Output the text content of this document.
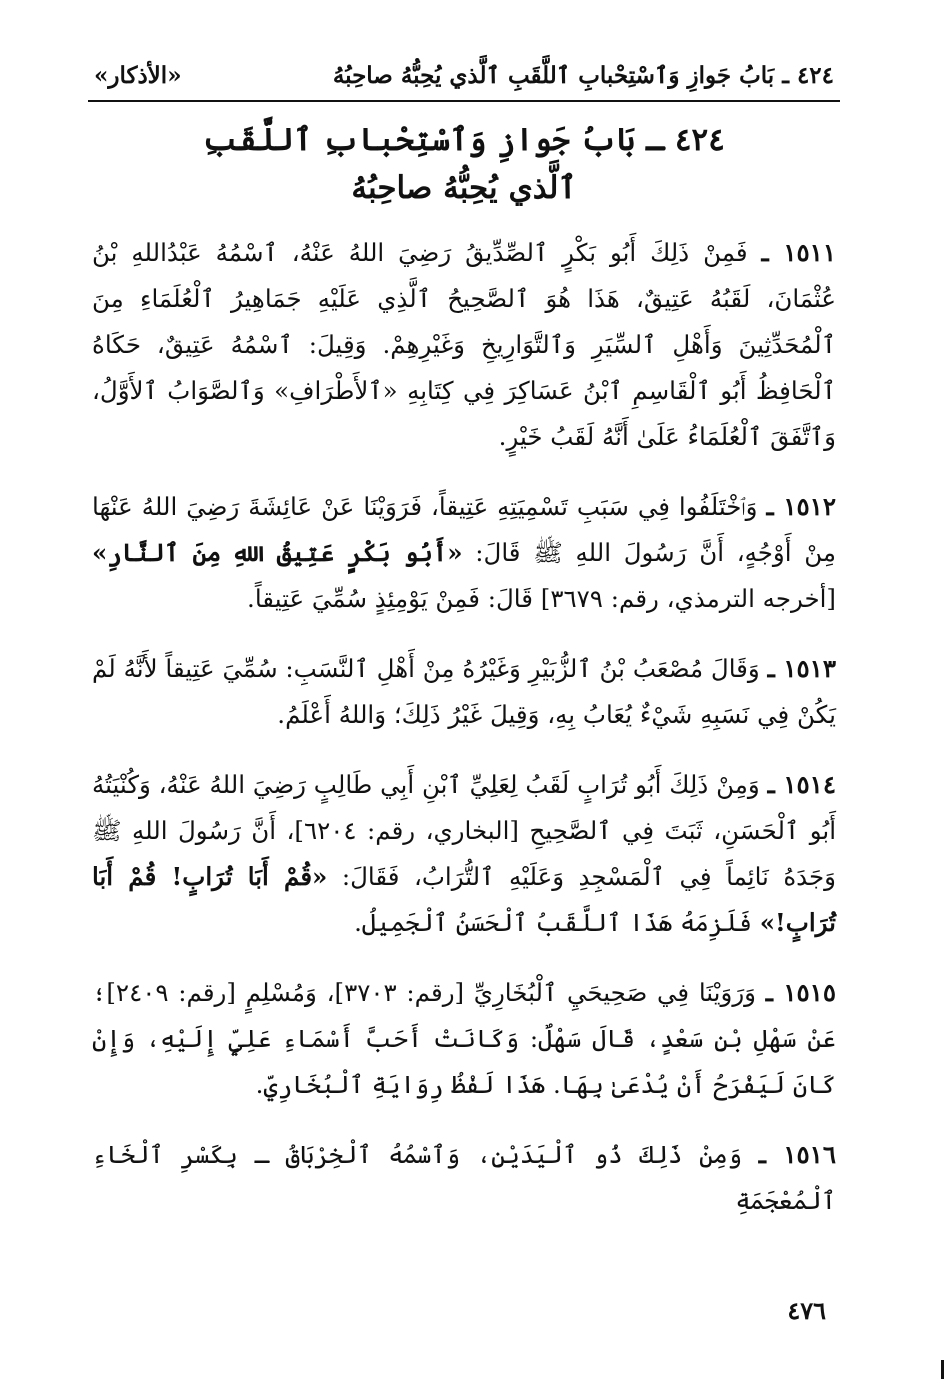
٤٢٤ ـ بَابُ جَوازِ وَٱسْتِحْبابِ ٱللَّقَبِ ٱلَّذي يُحِبُّهُ صاحِبُهُ
«الأذكار»
٤٢٤ ـ بَابُ جَوازِ وَٱسْتِحْبابِ ٱللَّقَبِ
ٱلَّذي يُحِبُّهُ صاحِبُهُ

١٥١١ ـ فَمِنْ ذَلِكَ أَبُو بَكْرٍ ٱلصِّدِّيقُ رَضِيَ اللهُ عَنْهُ، ٱسْمُهُ عَبْدُاللهِ بْنُ عُثْمَانَ، لَقَبُهُ عَتِيقٌ، هَذَا هُوَ ٱلصَّحِيحُ ٱلَّذِي عَلَيْهِ جَمَاهِيرُ ٱلْعُلَمَاءِ مِنَ ٱلْمُحَدِّثِينَ وَأَهْلِ ٱلسِّيَرِ وَٱلتَّوَارِيخِ وَغَيْرِهِمْ. وَقِيلَ: ٱسْمُهُ عَتِيقٌ، حَكَاهُ ٱلْحَافِظُ أَبُو ٱلْقَاسِمِ ٱبْنُ عَسَاكِرَ فِي كِتَابِهِ «ٱلأَطْرَافِ» وَٱلصَّوَابُ ٱلأَوَّلُ، وَٱتَّفَقَ ٱلْعُلَمَاءُ عَلَىٰ أَنَّهُ لَقَبُ خَيْرٍ.

١٥١٢ ـ وَٱخْتَلَفُوا فِي سَبَبِ تَسْمِيَتِهِ عَتِيقاً، فَرَوَيْنَا عَنْ عَائِشَةَ رَضِيَ اللهُ عَنْهَا مِنْ أَوْجُهٍ، أَنَّ رَسُولَ اللهِ ﷺ قَالَ: «أَبُو بَكْرٍ عَتِيقُ اللهِ مِنَ ٱلنَّارِ» [أخرجه الترمذي، رقم: ٣٦٧٩] قَالَ: فَمِنْ يَوْمِئِذٍ سُمِّيَ عَتِيقاً.

١٥١٣ ـ وَقَالَ مُصْعَبُ بْنُ ٱلزُّبَيْرِ وَغَيْرُهُ مِنْ أَهْلِ ٱلنَّسَبِ: سُمِّيَ عَتِيقاً لأَنَّهُ لَمْ يَكُنْ فِي نَسَبِهِ شَيْءٌ يُعَابُ بِهِ، وَقِيلَ غَيْرُ ذَلِكَ؛ وَاللهُ أَعْلَمُ.

١٥١٤ ـ وَمِنْ ذَلِكَ أَبُو تُرَابٍ لَقَبُ لِعَلِيِّ ٱبْنِ أَبِي طَالِبٍ رَضِيَ اللهُ عَنْهُ، وَكُنْيَتُهُ أَبُو ٱلْحَسَنِ، ثَبَتَ فِي ٱلصَّحِيحِ [البخاري، رقم: ٦٢٠٤]، أَنَّ رَسُولَ اللهِ ﷺ وَجَدَهُ نَائِماً فِي ٱلْمَسْجِدِ وَعَلَيْهِ ٱلتُّرَابُ، فَقَالَ: «قُمْ أَبَا تُرَابٍ! قُمْ أَبَا تُرَابٍ!» فَلَزِمَهُ هَذَا ٱللَّقَبُ ٱلْحَسَنُ ٱلْجَمِيلُ.

١٥١٥ ـ وَرَوَيْنَا فِي صَحِيحَيِ ٱلْبُخَارِيِّ [رقم: ٣٧٠٣]، وَمُسْلِمٍ [رقم: ٢٤٠٩]؛ عَنْ سَهْلِ بْنِ سَعْدٍ، قَالَ سَهْلٌ: وَكَانَتْ أَحَبَّ أَسْمَاءِ عَلِيٍّ إِلَيْهِ، وَإِنْ كَانَ لَيَفْرَحُ أَنْ يُدْعَىٰ بِهَا. هَذَا لَفْظُ رِوَايَةِ ٱلْبُخَارِيِّ.

١٥١٦ ـ وَمِنْ ذَلِكَ ذُو ٱلْيَدَيْنِ، وَٱسْمُهُ ٱلْخِرْبَاقُ ـ بِكَسْرِ ٱلْخَاءِ ٱلْمُعْجَمَةِ

٤٧٦
